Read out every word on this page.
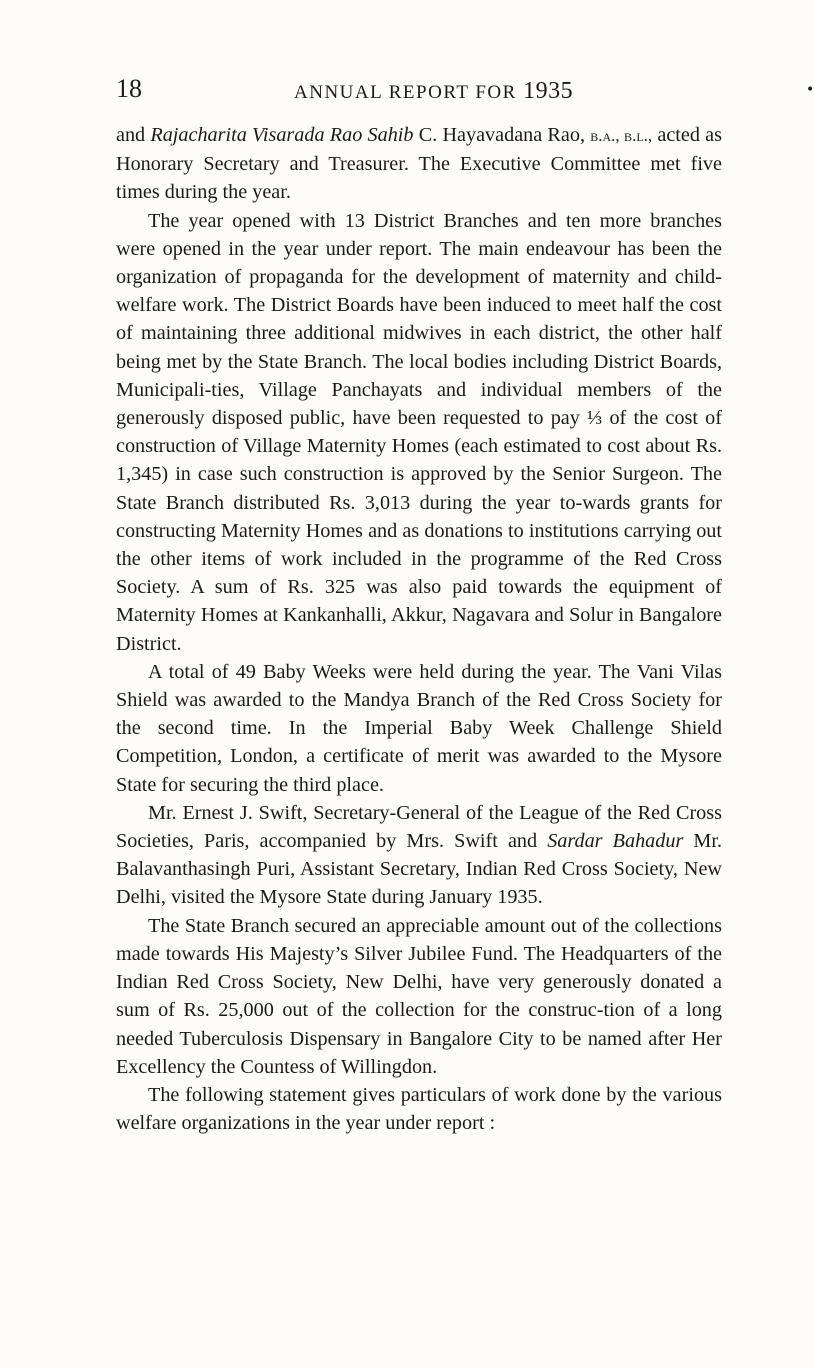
18	ANNUAL REPORT FOR 1935	•

and Rajacharita Visarada Rao Sahib C. Hayavadana Rao, b.a., b.l., acted as Honorary Secretary and Treasurer. The Executive Committee met five times during the year.

The year opened with 13 District Branches and ten more branches were opened in the year under report. The main endeavour has been the organization of propaganda for the development of maternity and child-welfare work. The District Boards have been induced to meet half the cost of maintaining three additional midwives in each district, the other half being met by the State Branch. The local bodies including District Boards, Municipali-ties, Village Panchayats and individual members of the generously disposed public, have been requested to pay ⅓ of the cost of construction of Village Maternity Homes (each estimated to cost about Rs. 1,345) in case such construction is approved by the Senior Surgeon. The State Branch distributed Rs. 3,013 during the year to-wards grants for constructing Maternity Homes and as donations to institutions carrying out the other items of work included in the programme of the Red Cross Society. A sum of Rs. 325 was also paid towards the equipment of Maternity Homes at Kankanhalli, Akkur, Nagavara and Solur in Bangalore District.

A total of 49 Baby Weeks were held during the year. The Vani Vilas Shield was awarded to the Mandya Branch of the Red Cross Society for the second time. In the Imperial Baby Week Challenge Shield Competition, London, a certificate of merit was awarded to the Mysore State for securing the third place.

Mr. Ernest J. Swift, Secretary-General of the League of the Red Cross Societies, Paris, accompanied by Mrs. Swift and Sardar Bahadur Mr. Balavanthasingh Puri, Assistant Secretary, Indian Red Cross Society, New Delhi, visited the Mysore State during January 1935.

The State Branch secured an appreciable amount out of the collections made towards His Majesty’s Silver Jubilee Fund. The Headquarters of the Indian Red Cross Society, New Delhi, have very generously donated a sum of Rs. 25,000 out of the collection for the construc-tion of a long needed Tuberculosis Dispensary in Bangalore City to be named after Her Excellency the Countess of Willingdon.

The following statement gives particulars of work done by the various welfare organizations in the year under report :
